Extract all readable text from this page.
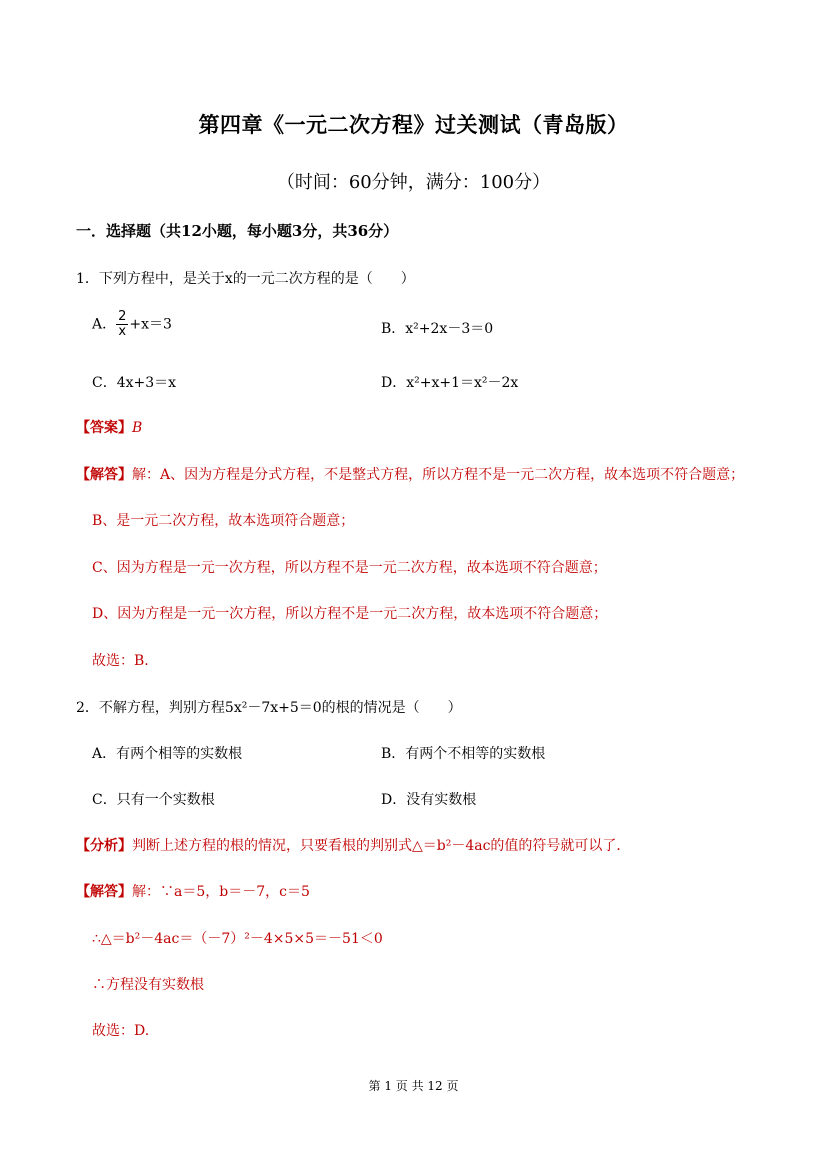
第四章《一元二次方程》过关测试（青岛版）
（时间：60分钟，满分：100分）
一．选择题（共12小题，每小题3分，共36分）
1．下列方程中，是关于x的一元二次方程的是（　　）
A． $\frac{2}{x} +x=3$	B．x²+2x－3＝0
C．4x+3＝x	D．x²+x+1＝x²－2x
【答案】B
【解答】解：A、因为方程是分式方程，不是整式方程，所以方程不是一元二次方程，故本选项不符合题意；
B、是一元二次方程，故本选项符合题意；
C、因为方程是一元一次方程，所以方程不是一元二次方程，故本选项不符合题意；
D、因为方程是一元一次方程，所以方程不是一元二次方程，故本选项不符合题意；
故选：B.
2．不解方程，判别方程5x²－7x+5＝0的根的情况是（　　）
A．有两个相等的实数根	B．有两个不相等的实数根
C．只有一个实数根	D．没有实数根
【分析】判断上述方程的根的情况，只要看根的判别式△＝b²－4ac的值的符号就可以了．
【解答】解：∵a＝5，b＝－7，c＝5
∴△＝b²－4ac＝（－7）²－4×5×5＝－51＜0
∴方程没有实数根
故选：D.
第 1 页 共 12 页
